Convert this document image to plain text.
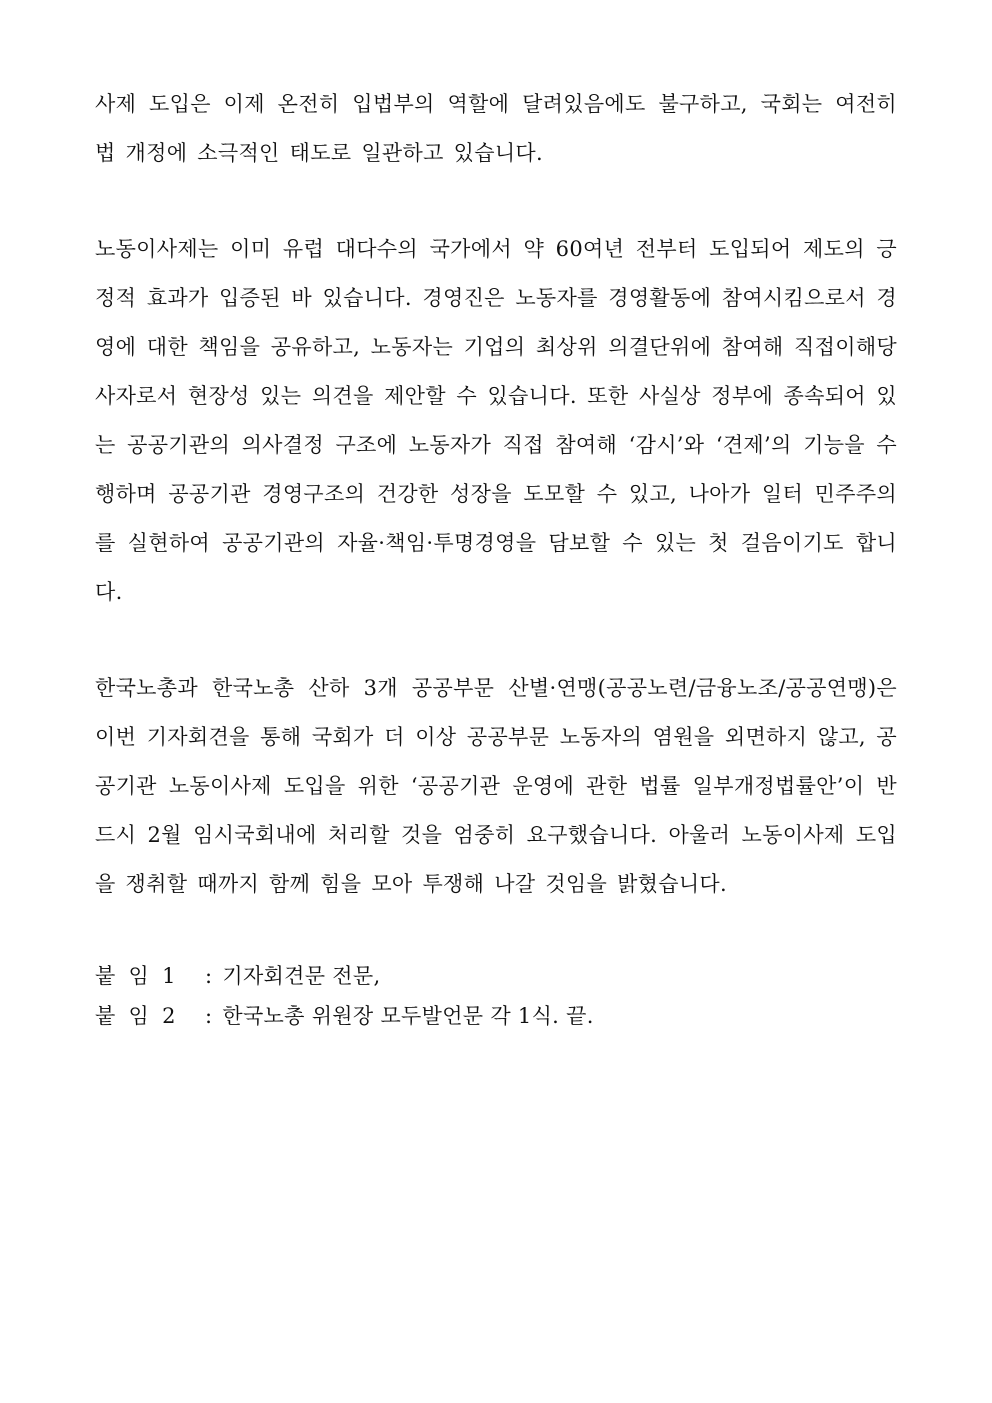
사제 도입은 이제 온전히 입법부의 역할에 달려있음에도 불구하고, 국회는 여전히 법 개정에 소극적인 태도로 일관하고 있습니다.

노동이사제는 이미 유럽 대다수의 국가에서 약 60여년 전부터 도입되어 제도의 긍정적 효과가 입증된 바 있습니다. 경영진은 노동자를 경영활동에 참여시킴으로서 경영에 대한 책임을 공유하고, 노동자는 기업의 최상위 의결단위에 참여해 직접이해당사자로서 현장성 있는 의견을 제안할 수 있습니다. 또한 사실상 정부에 종속되어 있는 공공기관의 의사결정 구조에 노동자가 직접 참여해 ‘감시’와 ‘견제’의 기능을 수행하며 공공기관 경영구조의 건강한 성장을 도모할 수 있고, 나아가 일터 민주주의를 실현하여 공공기관의 자율·책임·투명경영을 담보할 수 있는 첫 걸음이기도 합니다.

한국노총과 한국노총 산하 3개 공공부문 산별·연맹(공공노련/금융노조/공공연맹)은 이번 기자회견을 통해 국회가 더 이상 공공부문 노동자의 염원을 외면하지 않고, 공공기관 노동이사제 도입을 위한 ‘공공기관 운영에 관한 법률 일부개정법률안’이 반드시 2월 임시국회내에 처리할 것을 엄중히 요구했습니다. 아울러 노동이사제 도입을 쟁취할 때까지 함께 힘을 모아 투쟁해 나갈 것임을 밝혔습니다.

붙 임 1 : 기자회견문 전문,

붙 임 2 : 한국노총 위원장 모두발언문 각 1식. 끝.
